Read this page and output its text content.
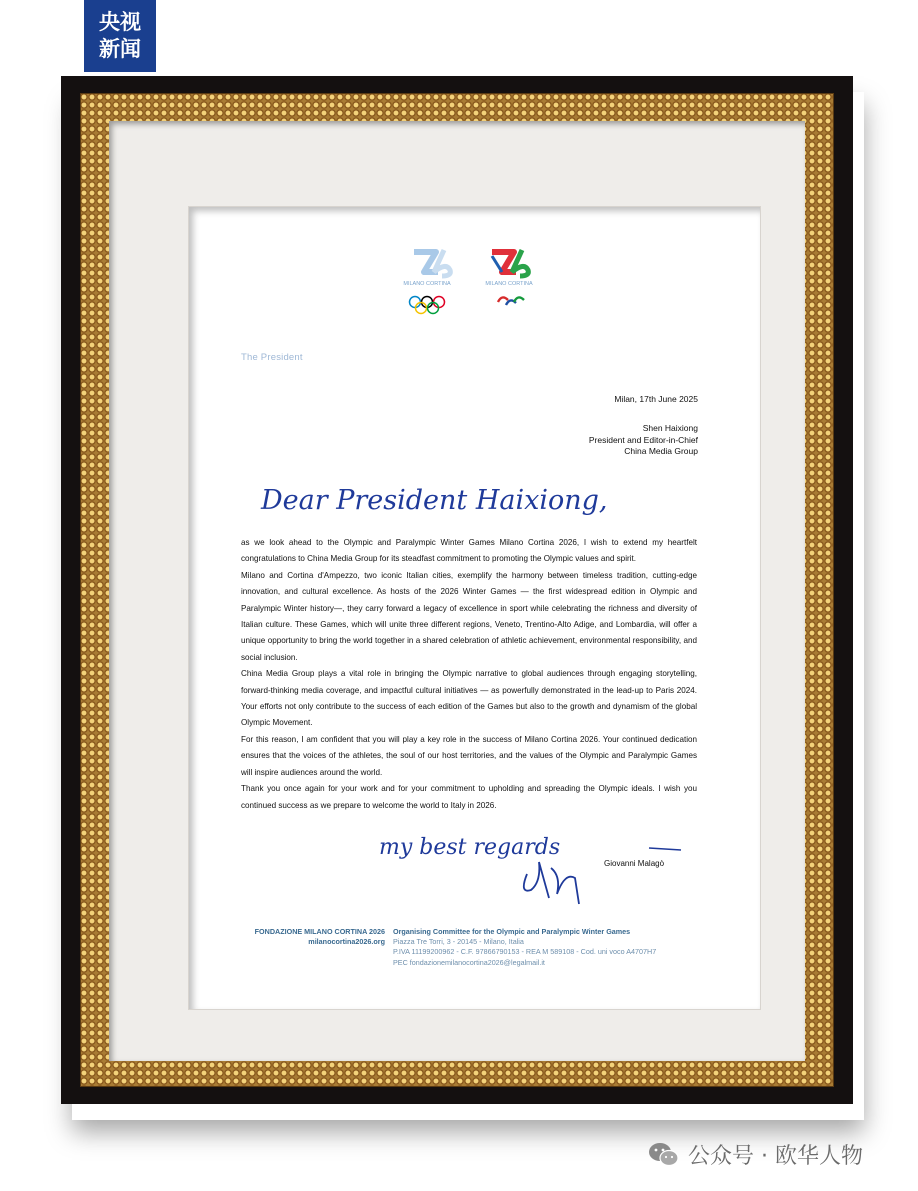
央视
新闻
MILANO CORTINA	MILANO CORTINA
The President
Milan, 17th June 2025
Shen Haixiong
President and Editor-in-Chief
China Media Group
Dear President Haixiong,

as we look ahead to the Olympic and Paralympic Winter Games Milano Cortina 2026, I wish to extend my heartfelt congratulations to China Media Group for its steadfast commitment to promoting the Olympic values and spirit.

Milano and Cortina d'Ampezzo, two iconic Italian cities, exemplify the harmony between timeless tradition, cutting-edge innovation, and cultural excellence. As hosts of the 2026 Winter Games — the first widespread edition in Olympic and Paralympic Winter history—, they carry forward a legacy of excellence in sport while celebrating the richness and diversity of Italian culture. These Games, which will unite three different regions, Veneto, Trentino-Alto Adige, and Lombardia, will offer a unique opportunity to bring the world together in a shared celebration of athletic achievement, environmental responsibility, and social inclusion.

China Media Group plays a vital role in bringing the Olympic narrative to global audiences through engaging storytelling, forward-thinking media coverage, and impactful cultural initiatives — as powerfully demonstrated in the lead-up to Paris 2024. Your efforts not only contribute to the success of each edition of the Games but also to the growth and dynamism of the global Olympic Movement.

For this reason, I am confident that you will play a key role in the success of Milano Cortina 2026. Your continued dedication ensures that the voices of the athletes, the soul of our host territories, and the values of the Olympic and Paralympic Games will inspire audiences around the world.

Thank you once again for your work and for your commitment to upholding and spreading the Olympic ideals. I wish you continued success as we prepare to welcome the world to Italy in 2026.

my best regards
Giovanni Malagò
FONDAZIONE MILANO CORTINA 2026
milanocortina2026.org
Organising Committee for the Olympic and Paralympic Winter Games
Piazza Tre Torri, 3 - 20145 - Milano, Italia
P.IVA 11199200962 - C.F. 97866790153 - REA M 589108 - Cod. uni voco A4707H7
PEC fondazionemilanocortina2026@legalmail.it
公众号 · 欧华人物
